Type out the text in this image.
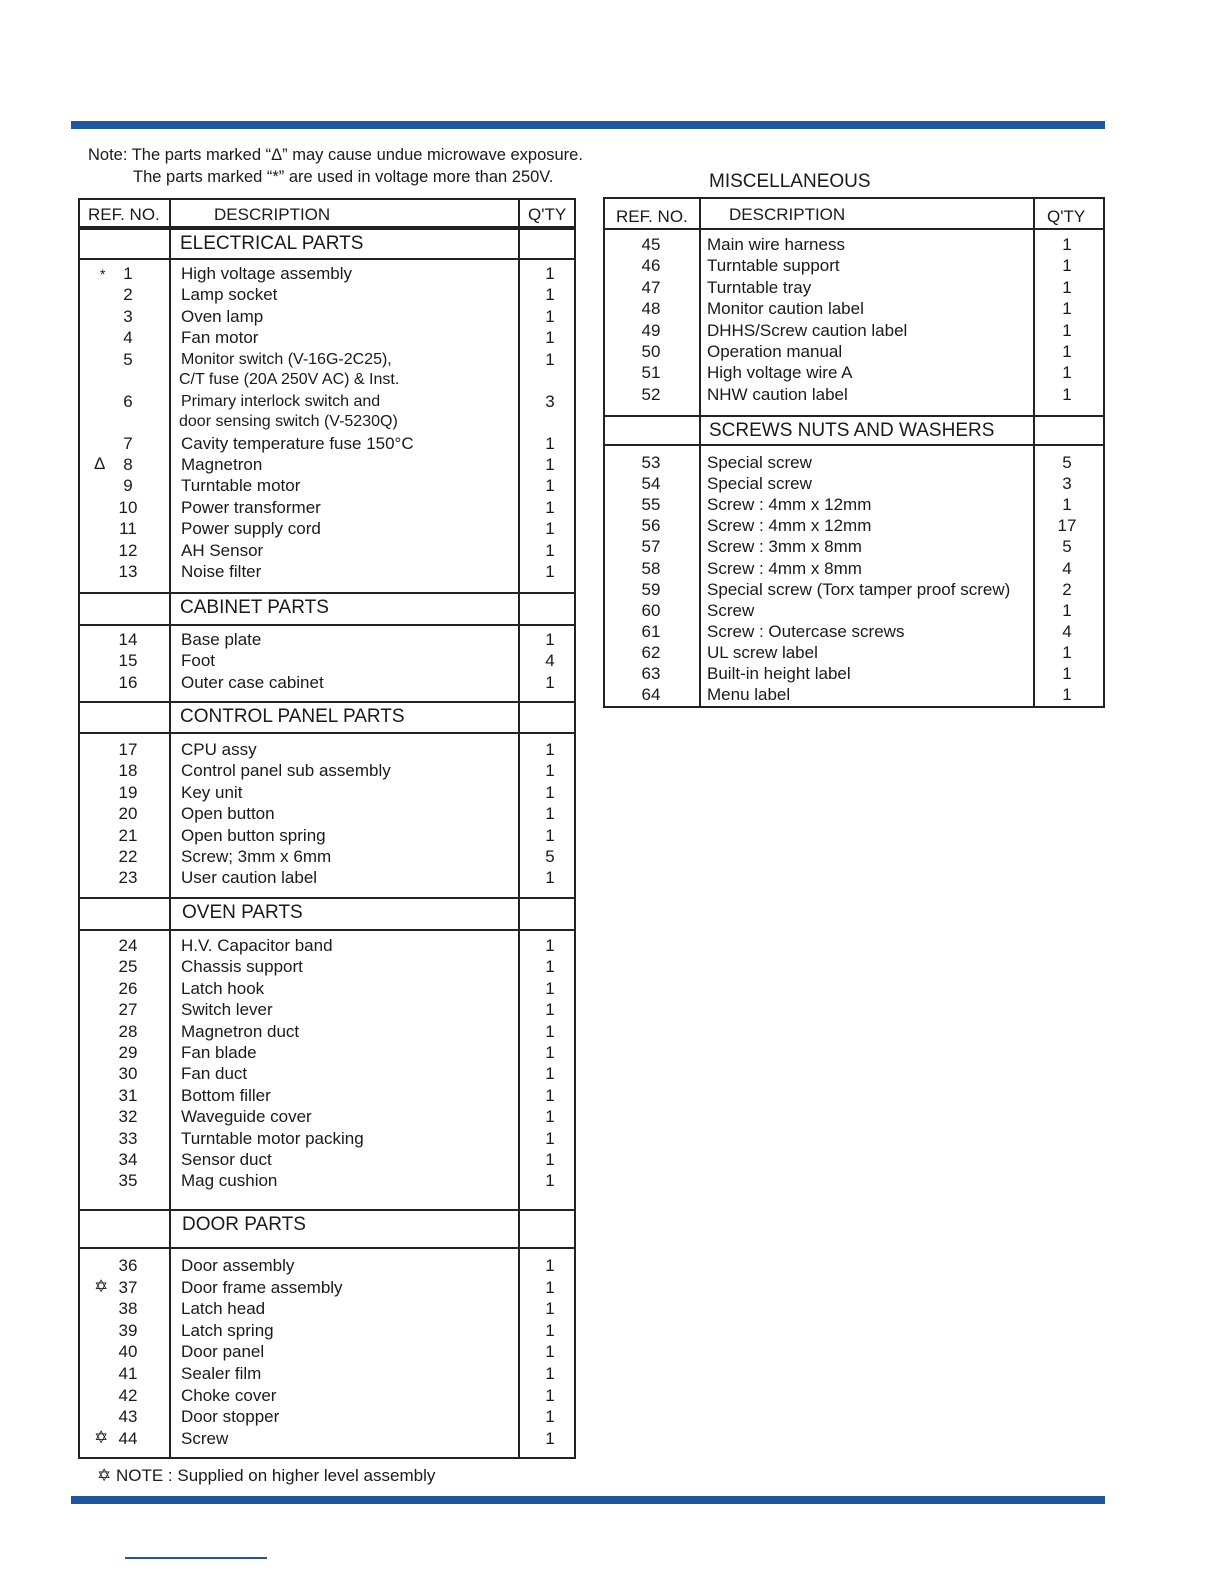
Note: The parts marked “Δ” may cause undue microwave exposure.
The parts marked “*” are used in voltage more than 250V.
REF. NO.	DESCRIPTION	Q'TY
ELECTRICAL PARTS
*	1	High voltage assembly	1
2	Lamp socket	1
3	Oven lamp	1
4	Fan motor	1
5	Monitor switch (V-16G-2C25),	1
C/T fuse (20A 250V AC) & Inst.
6	Primary interlock switch and	3
door sensing switch (V-5230Q)
7	Cavity temperature fuse 150°C	1
Δ	8	Magnetron	1
9	Turntable motor	1
10	Power transformer	1
11	Power supply cord	1
12	AH Sensor	1
13	Noise filter	1
CABINET PARTS
14	Base plate	1
15	Foot	4
16	Outer case cabinet	1
CONTROL PANEL PARTS
17	CPU assy	1
18	Control panel sub assembly	1
19	Key unit	1
20	Open button	1
21	Open button spring	1
22	Screw; 3mm x 6mm	5
23	User caution label	1
OVEN PARTS
24	H.V. Capacitor band	1
25	Chassis support	1
26	Latch hook	1
27	Switch lever	1
28	Magnetron duct	1
29	Fan blade	1
30	Fan duct	1
31	Bottom filler	1
32	Waveguide cover	1
33	Turntable motor packing	1
34	Sensor duct	1
35	Mag cushion	1
DOOR PARTS
36	Door assembly	1
✡ 37	Door frame assembly	1
38	Latch head	1
39	Latch spring	1
40	Door panel	1
41	Sealer film	1
42	Choke cover	1
43	Door stopper	1
✡ 44	Screw	1
MISCELLANEOUS
REF. NO. DESCRIPTION	Q'TY
SCREWS NUTS AND WASHERS
45	Main wire harness	1
46	Turntable support	1
47	Turntable tray	1
48	Monitor caution label	1
49	DHHS/Screw caution label	1
50	Operation manual	1
51	High voltage wire A	1
52	NHW caution label	1
53	Special screw	5
54	Special screw	3
55	Screw : 4mm x 12mm	1
56	Screw : 4mm x 12mm	17
57	Screw : 3mm x 8mm	5
58	Screw : 4mm x 8mm	4
59	Special screw (Torx tamper proof screw)	2
60	Screw	1
61	Screw : Outercase screws	4
62	UL screw label	1
63	Built-in height label	1
64	Menu label	1
✡ NOTE : Supplied on higher level assembly
